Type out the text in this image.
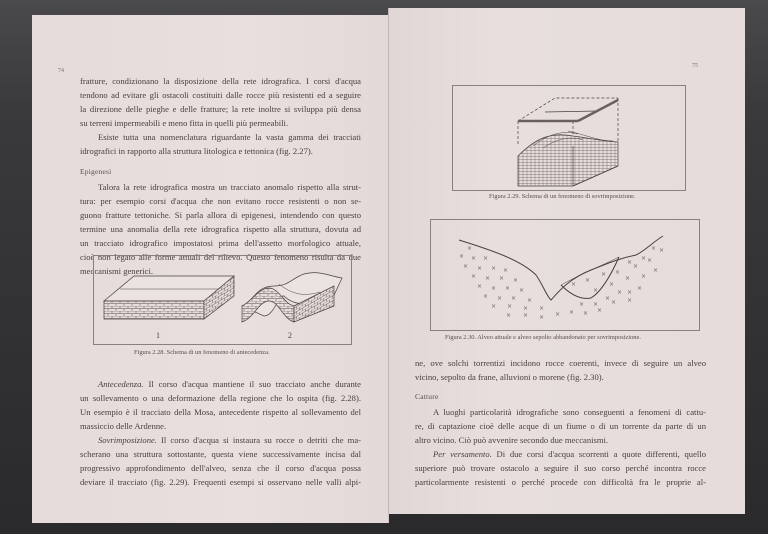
74
fratture, condizionano la disposizione della rete idrografica. I corsi d'acqua
tendono ad evitare gli ostacoli costituiti dalle rocce più resistenti ed a seguire
la direzione delle pieghe e delle fratture; la rete inoltre si sviluppa più densa
su terreni impermeabili e meno fitta in quelli più permeabili.
Esiste tutta una nomenclatura riguardante la vasta gamma dei tracciati
idrografici in rapporto alla struttura litologica e tettonica (fig. 2.27).
Epigenesi
Talora la rete idrografica mostra un tracciato anomalo rispetto alla strut-
tura: per esempio corsi d'acqua che non evitano rocce resistenti o non se-
guono fratture tettoniche. Si parla allora di epigenesi, intendendo con questo
termine una anomalia della rete idrografica rispetto alla struttura, dovuta ad
un tracciato idrografico impostatosi prima dell'assetto morfologico attuale,
cioè non legato alle forme attuali del rilievo. Questo fenomeno risulta da due
meccanismi generici.
1	2
Figura 2.28. Schema di un fenomeno di antecedenza.
Antecedenza. Il corso d'acqua mantiene il suo tracciato anche durante
un sollevamento o una deformazione della regione che lo ospita (fig. 2.28).
Un esempio è il tracciato della Mosa, antecedente rispetto al sollevamento del
massiccio delle Ardenne.
Sovrimposizione. Il corso d'acqua si instaura su rocce o detriti che ma-
scherano una struttura sottostante, questa viene successivamente incisa dal
progressivo approfondimento dell'alveo, senza che il corso d'acqua possa
deviare il tracciato (fig. 2.29). Frequenti esempi si osservano nelle valli alpi-
75
Figura 2.29. Schema di un fenomeno di sovrimposizione.
×
× × ×
× × × ×
× × × ×
× × × ×
× × × ×
× × × ×
× × × × × × ×
×
×
×
×
×
×
×
×
×
×
×
×
×
×
×
×
×
×
×
× × × ×
Figura 2.30. Alveo attuale e alveo sepolto abbandonato per sovrimposizione.
ne, ove solchi torrentizi incidono rocce coerenti, invece di seguire un alveo
vicino, sepolto da frane, alluvioni o morene (fig. 2.30).
Catture
A luoghi particolarità idrografiche sono conseguenti a fenomeni di cattu-
re, di captazione cioè delle acque di un fiume o di un torrente da parte di un
altro vicino. Ciò può avvenire secondo due meccanismi.
Per versamento. Di due corsi d'acqua scorrenti a quote differenti, quello
superiore può trovare ostacolo a seguire il suo corso perché incontra rocce
particolarmente resistenti o perché procede con difficoltà fra le proprie al-
